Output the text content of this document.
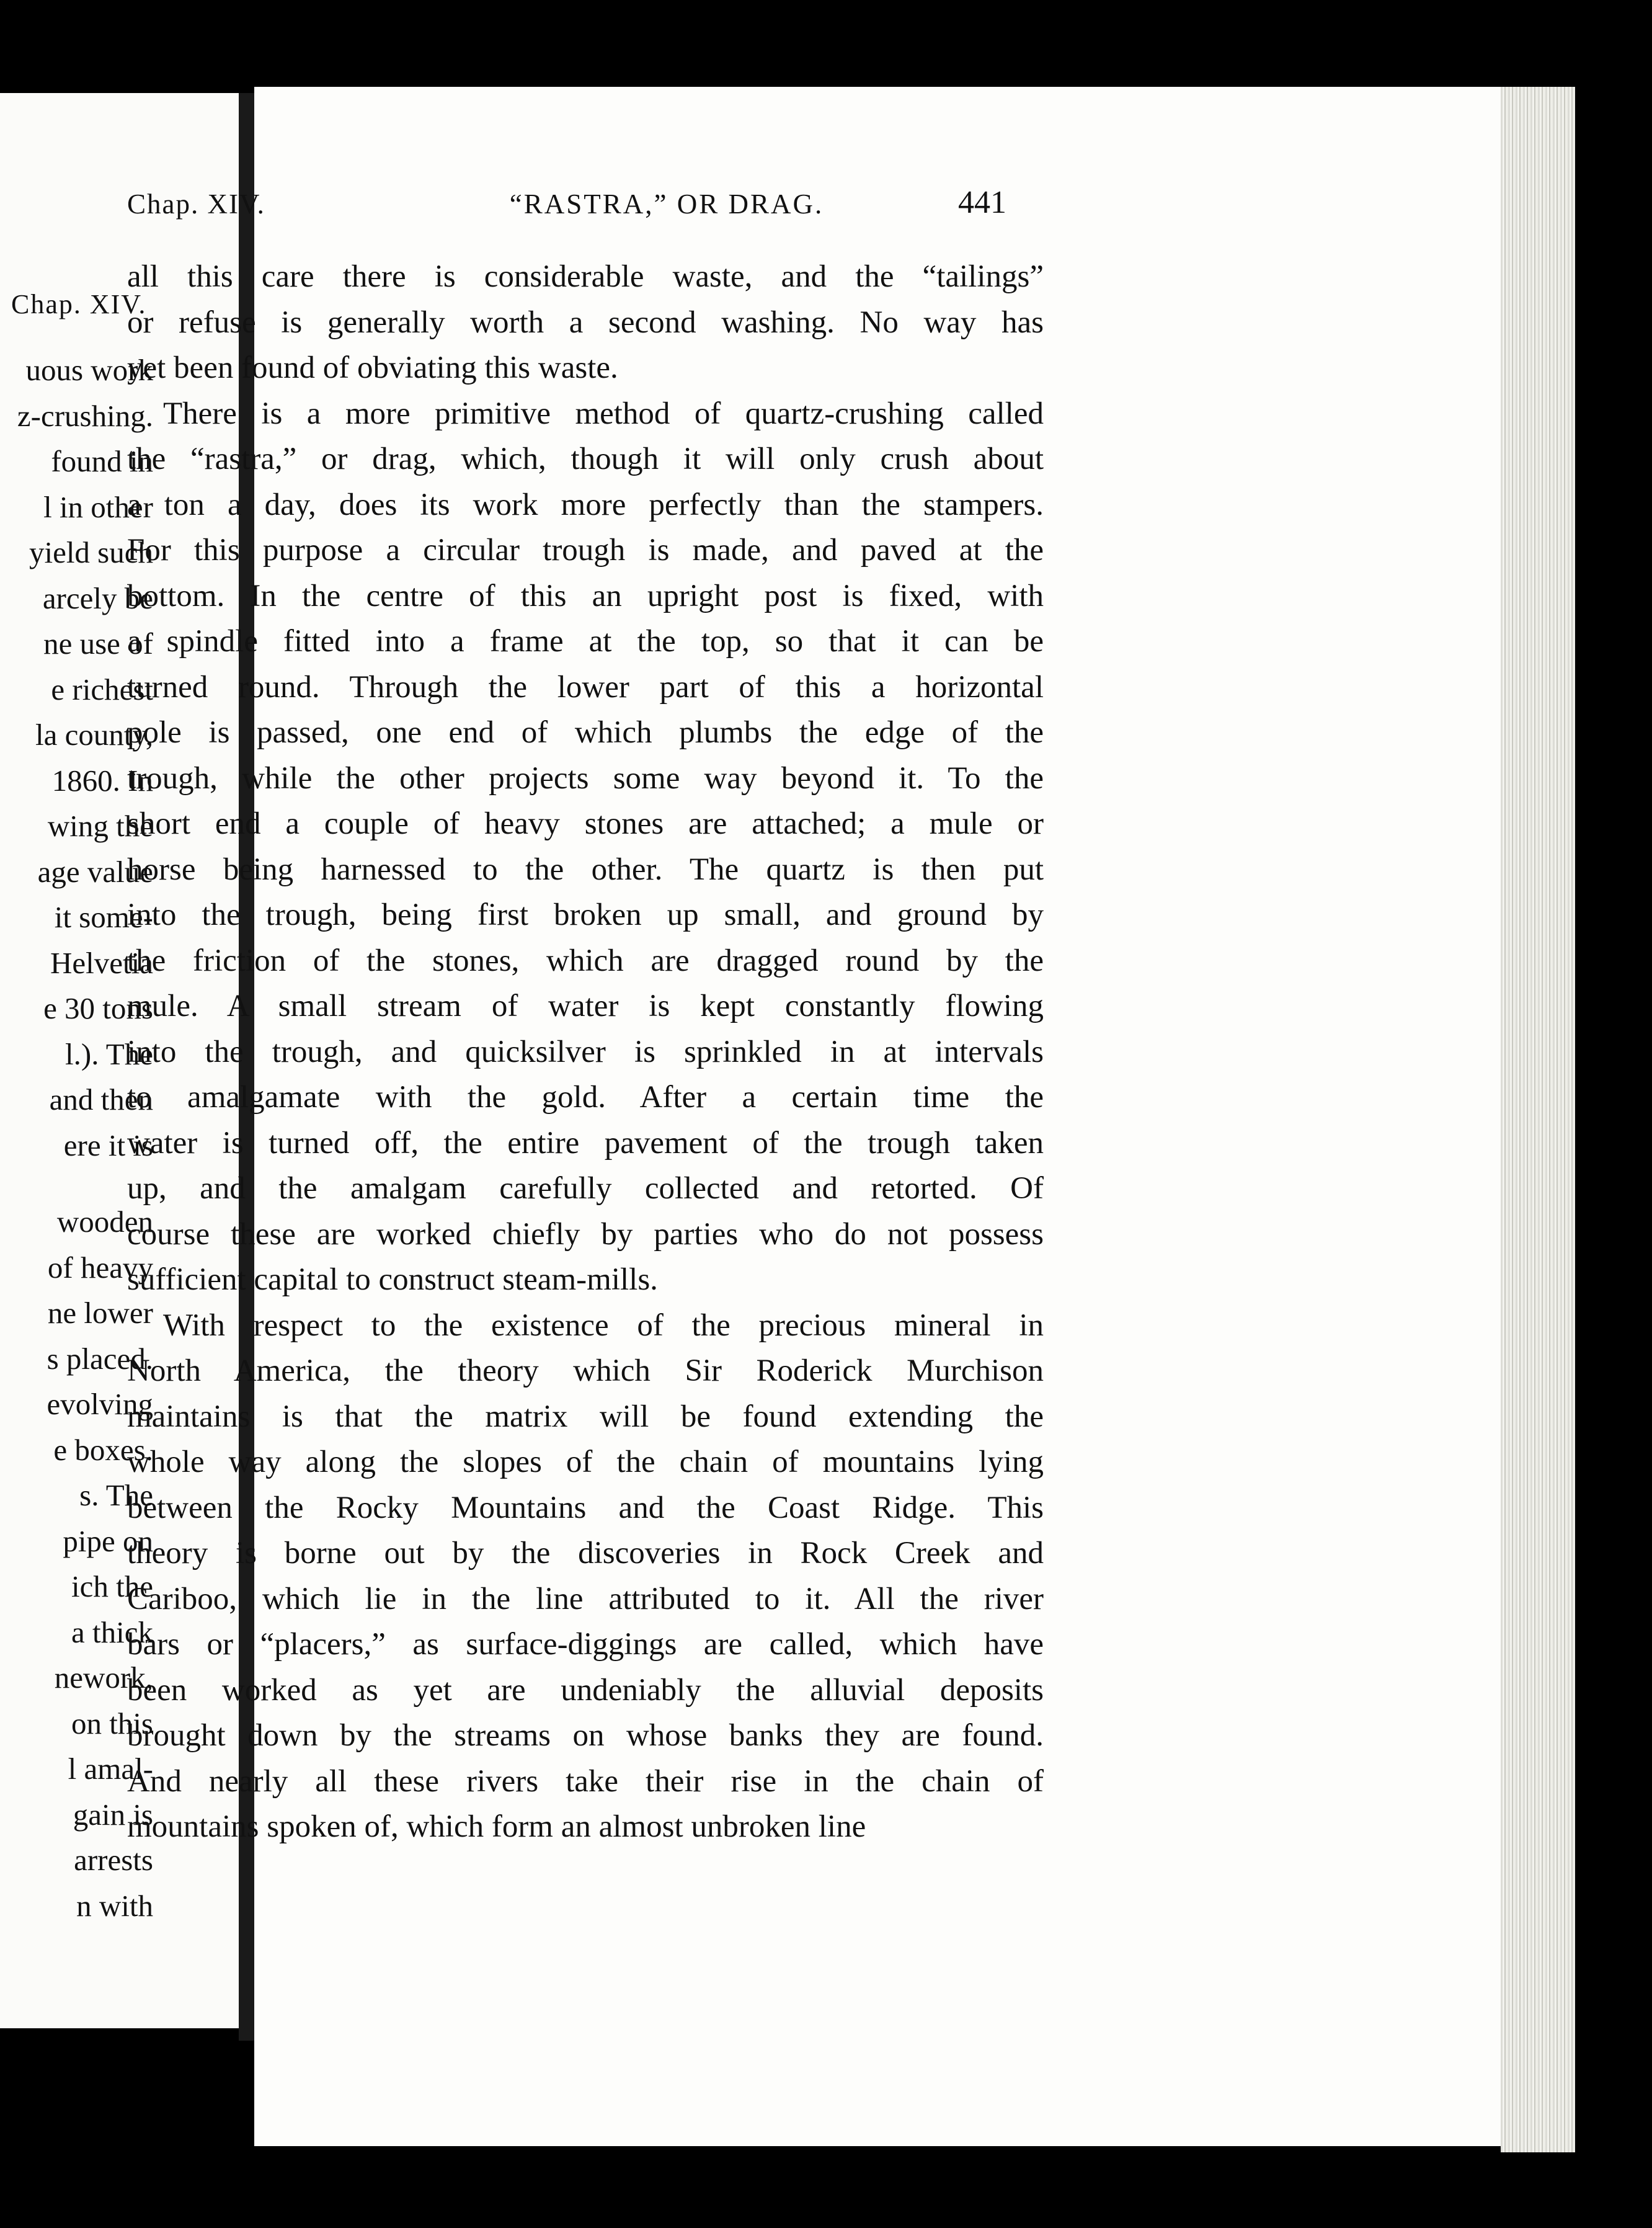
Chap. XIV.
uous work
z-crushing.
found in
l in other
yield such
arcely be
ne use of
e richest
la county,
1860. In
wing the
age value
it some-
Helvetia
e 30 tons
l.). The
and then
ere it is
wooden
of heavy
ne lower
s placed.
evolving
e boxes.
s. The
pipe on
ich the
a thick
nework,
on this
l amal-
gain is
arrests
n with
Chap. XIV.	“RASTRA,” OR DRAG.	441
all this care there is considerable waste, and the “tailings”
or refuse is generally worth a second washing. No way has
yet been found of obviating this waste.
There is a more primitive method of quartz-crushing called
the “rastra,” or drag, which, though it will only crush about
a ton a day, does its work more perfectly than the stampers.
For this purpose a circular trough is made, and paved at the
bottom. In the centre of this an upright post is fixed, with
a spindle fitted into a frame at the top, so that it can be
turned round. Through the lower part of this a horizontal
pole is passed, one end of which plumbs the edge of the
trough, while the other projects some way beyond it. To the
short end a couple of heavy stones are attached; a mule or
horse being harnessed to the other. The quartz is then put
into the trough, being first broken up small, and ground by
the friction of the stones, which are dragged round by the
mule. A small stream of water is kept constantly flowing
into the trough, and quicksilver is sprinkled in at intervals
to amalgamate with the gold. After a certain time the
water is turned off, the entire pavement of the trough taken
up, and the amalgam carefully collected and retorted. Of
course these are worked chiefly by parties who do not possess
sufficient capital to construct steam-mills.
With respect to the existence of the precious mineral in
North America, the theory which Sir Roderick Murchison
maintains is that the matrix will be found extending the
whole way along the slopes of the chain of mountains lying
between the Rocky Mountains and the Coast Ridge. This
theory is borne out by the discoveries in Rock Creek and
Cariboo, which lie in the line attributed to it. All the river
bars or “placers,” as surface-diggings are called, which have
been worked as yet are undeniably the alluvial deposits
brought down by the streams on whose banks they are found.
And nearly all these rivers take their rise in the chain of
mountains spoken of, which form an almost unbroken line
